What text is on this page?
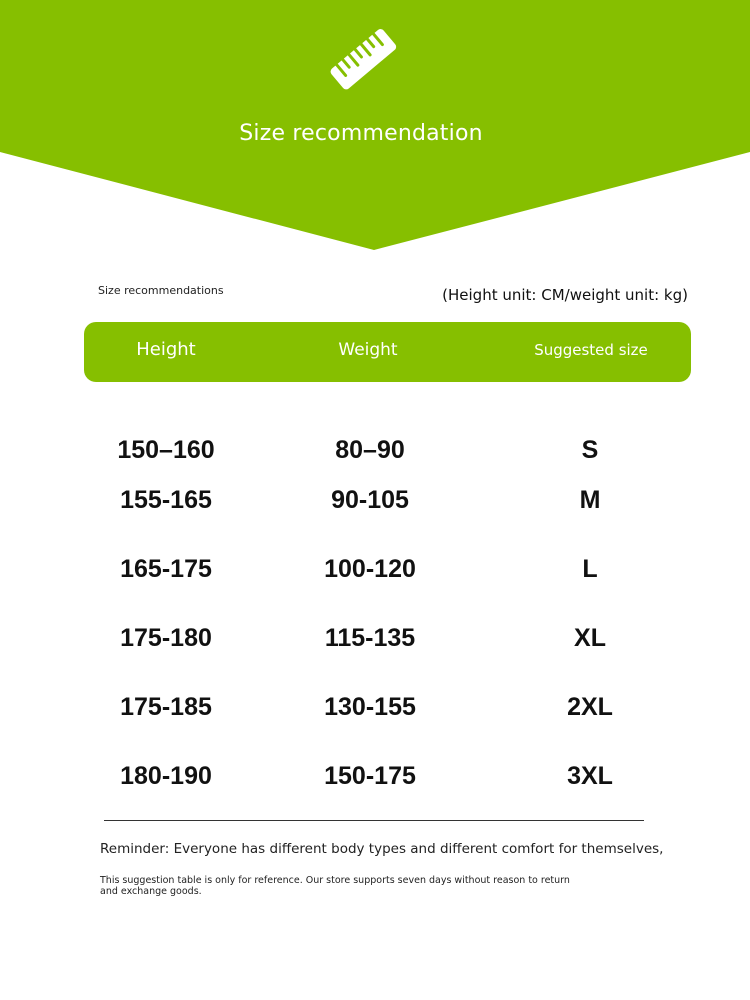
Size recommendation
Size recommendations	(Height unit: CM/weight unit: kg)
Height	Weight	Suggested size
150–160	80–90	S
155-165	90-105	M
165-175	100-120	L
175-180	115-135	XL
175-185	130-155	2XL
180-190	150-175	3XL
Reminder: Everyone has different body types and different comfort for themselves,
This suggestion table is only for reference. Our store supports seven days without reason to return and exchange goods.
